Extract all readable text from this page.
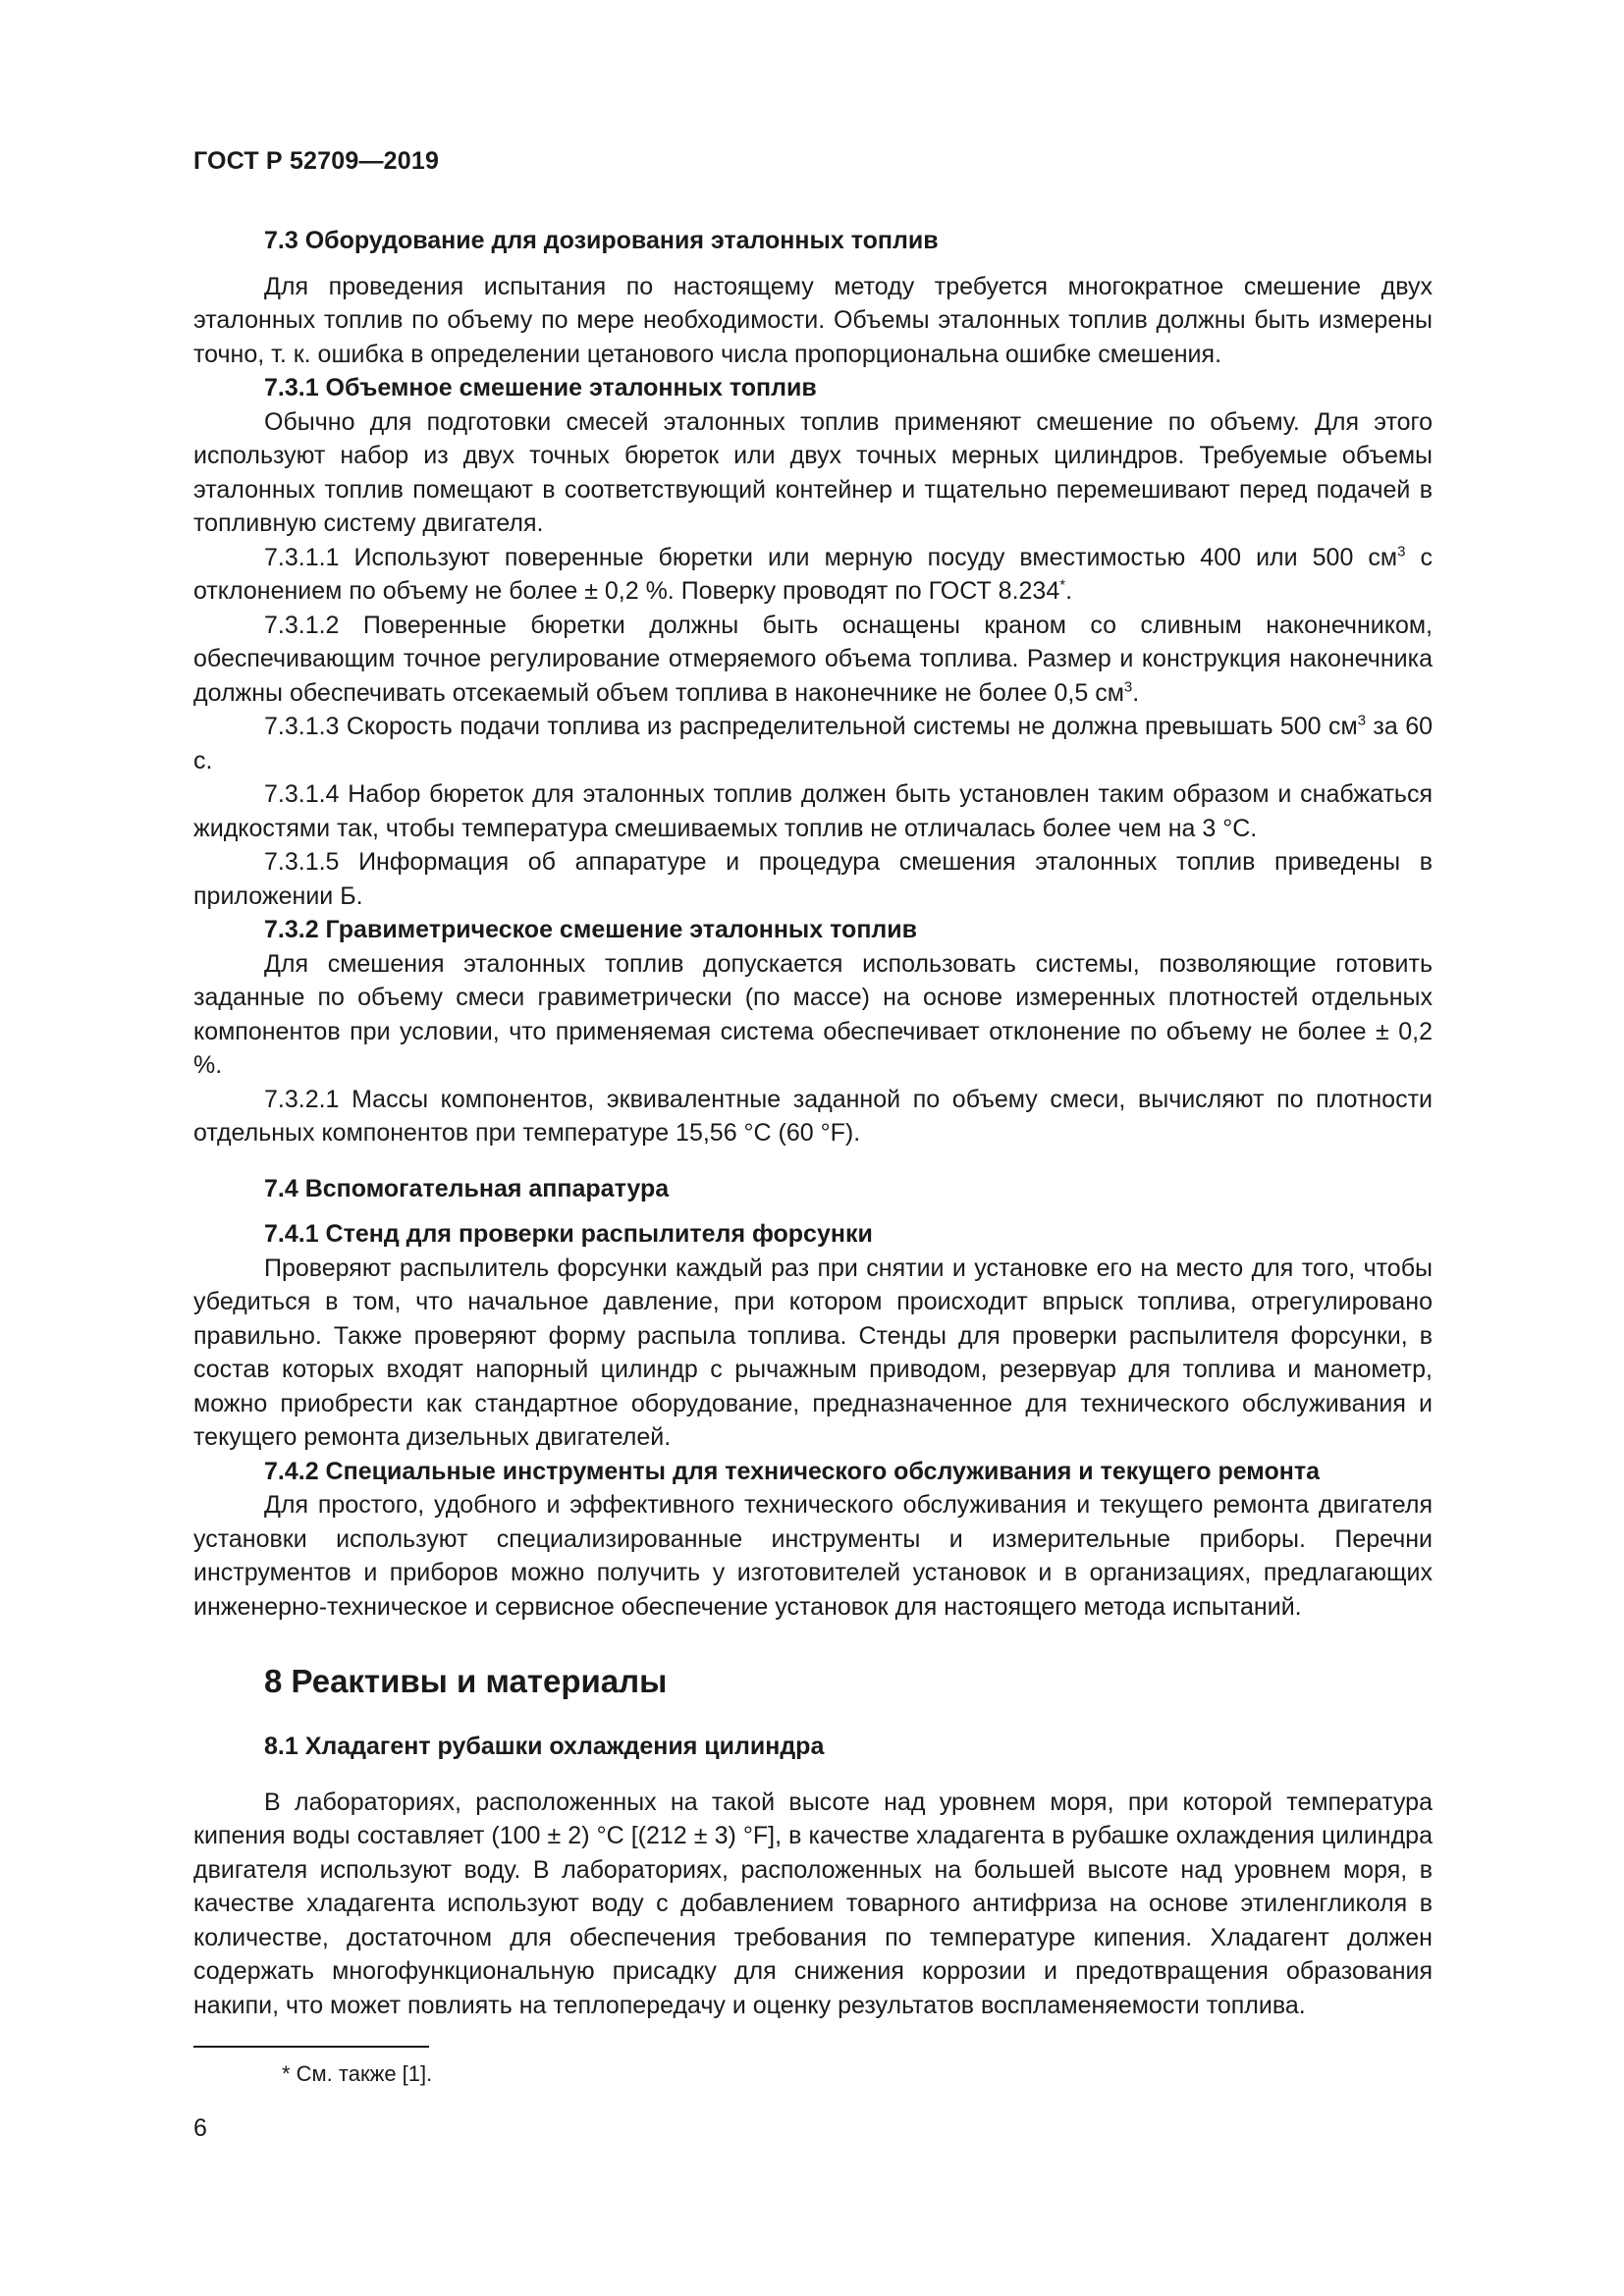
ГОСТ Р 52709—2019
7.3 Оборудование для дозирования эталонных топлив

Для проведения испытания по настоящему методу требуется многократное смешение двух эталонных топлив по объему по мере необходимости. Объемы эталонных топлив должны быть измерены точно, т. к. ошибка в определении цетанового числа пропорциональна ошибке смешения.

7.3.1 Объемное смешение эталонных топлив

Обычно для подготовки смесей эталонных топлив применяют смешение по объему. Для этого используют набор из двух точных бюреток или двух точных мерных цилиндров. Требуемые объемы эталонных топлив помещают в соответствующий контейнер и тщательно перемешивают перед подачей в топливную систему двигателя.

7.3.1.1 Используют поверенные бюретки или мерную посуду вместимостью 400 или 500 $см^3$ с отклонением по объему не более ± 0,2 %. Поверку проводят по ГОСТ 8.234*.

7.3.1.2 Поверенные бюретки должны быть оснащены краном со сливным наконечником, обеспечивающим точное регулирование отмеряемого объема топлива. Размер и конструкция наконечника должны обеспечивать отсекаемый объем топлива в наконечнике не более 0,5 $см^3$.

7.3.1.3 Скорость подачи топлива из распределительной системы не должна превышать 500 $см^3$ за 60 с.

7.3.1.4 Набор бюреток для эталонных топлив должен быть установлен таким образом и снабжаться жидкостями так, чтобы температура смешиваемых топлив не отличалась более чем на 3 °С.

7.3.1.5 Информация об аппаратуре и процедура смешения эталонных топлив приведены в приложении Б.

7.3.2 Гравиметрическое смешение эталонных топлив

Для смешения эталонных топлив допускается использовать системы, позволяющие готовить заданные по объему смеси гравиметрически (по массе) на основе измеренных плотностей отдельных компонентов при условии, что применяемая система обеспечивает отклонение по объему не более ± 0,2 %.

7.3.2.1 Массы компонентов, эквивалентные заданной по объему смеси, вычисляют по плотности отдельных компонентов при температуре 15,56 °С (60 °F).

7.4 Вспомогательная аппаратура
7.4.1 Стенд для проверки распылителя форсунки

Проверяют распылитель форсунки каждый раз при снятии и установке его на место для того, чтобы убедиться в том, что начальное давление, при котором происходит впрыск топлива, отрегулировано правильно. Также проверяют форму распыла топлива. Стенды для проверки распылителя форсунки, в состав которых входят напорный цилиндр с рычажным приводом, резервуар для топлива и манометр, можно приобрести как стандартное оборудование, предназначенное для технического обслуживания и текущего ремонта дизельных двигателей.

7.4.2 Специальные инструменты для технического обслуживания и текущего ремонта

Для простого, удобного и эффективного технического обслуживания и текущего ремонта двигателя установки используют специализированные инструменты и измерительные приборы. Перечни инструментов и приборов можно получить у изготовителей установок и в организациях, предлагающих инженерно-техническое и сервисное обеспечение установок для настоящего метода испытаний.

8 Реактивы и материалы
8.1 Хладагент рубашки охлаждения цилиндра

В лабораториях, расположенных на такой высоте над уровнем моря, при которой температура кипения воды составляет (100 ± 2) °С [(212 ± 3) °F], в качестве хладагента в рубашке охлаждения цилиндра двигателя используют воду. В лабораториях, расположенных на большей высоте над уровнем моря, в качестве хладагента используют воду с добавлением товарного антифриза на основе этиленгликоля в количестве, достаточном для обеспечения требования по температуре кипения. Хладагент должен содержать многофункциональную присадку для снижения коррозии и предотвращения образования накипи, что может повлиять на теплопередачу и оценку результатов воспламеняемости топлива.

* См. также [1].
6
